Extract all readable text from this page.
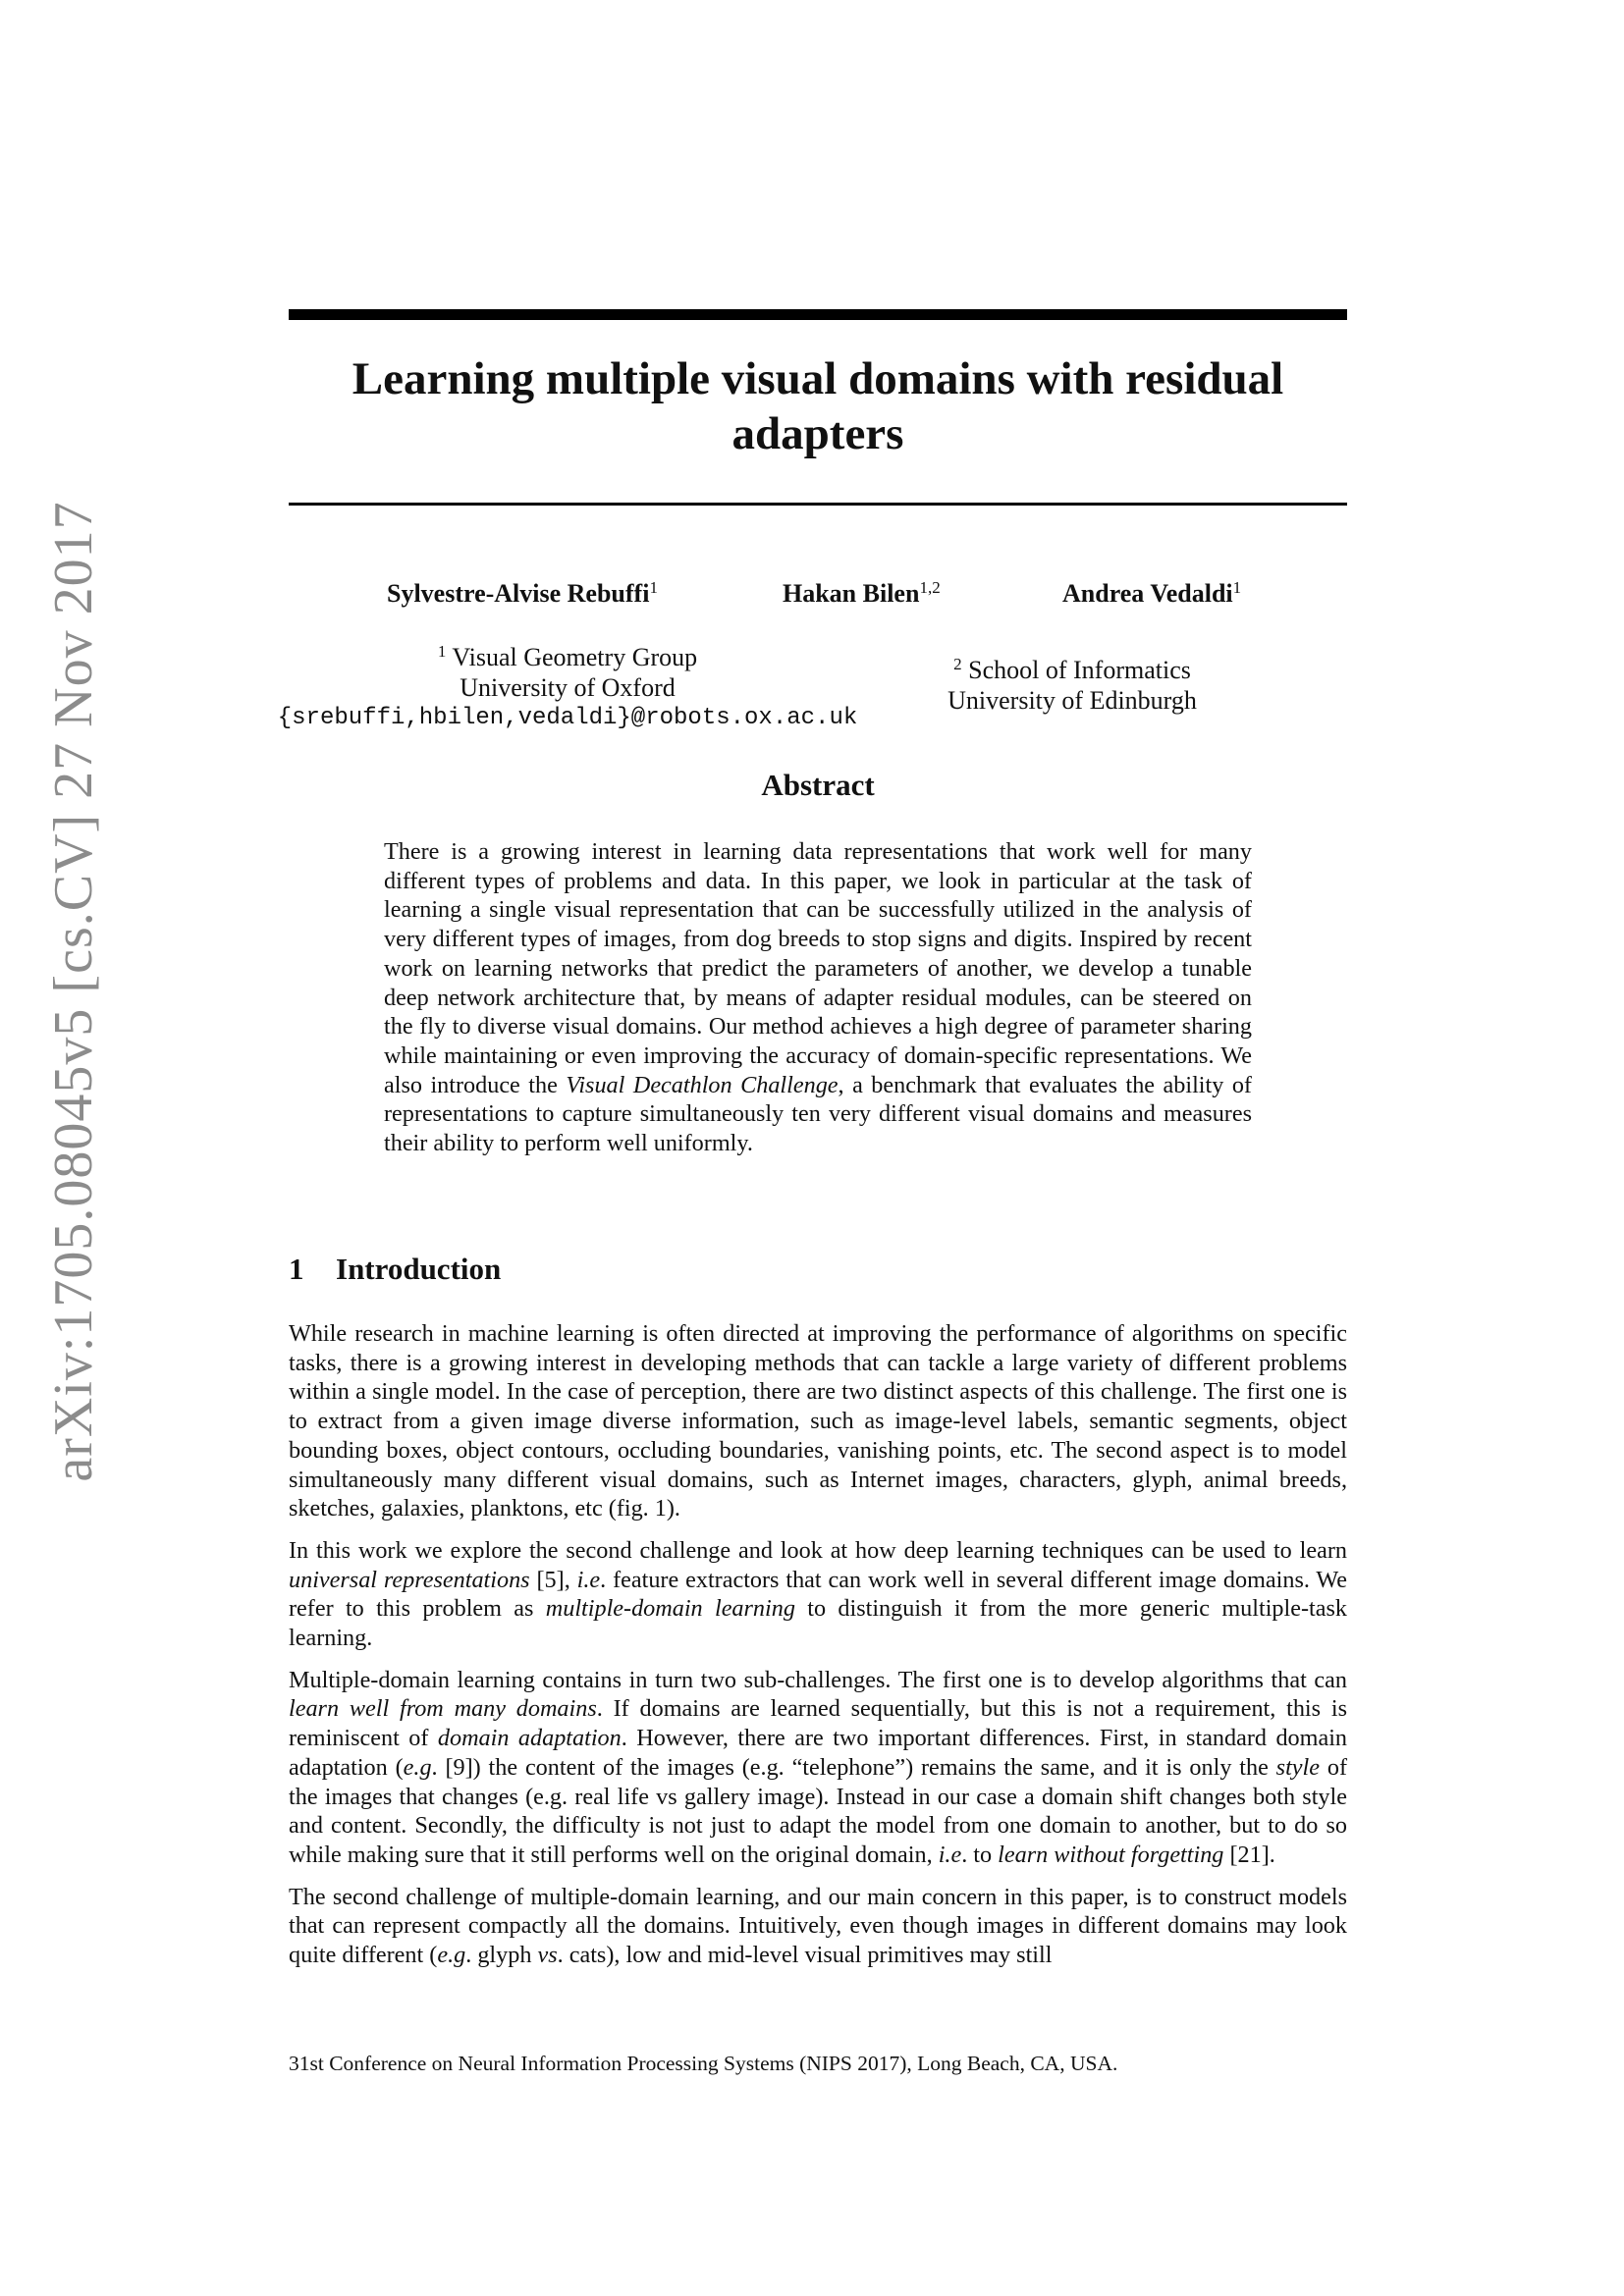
arXiv:1705.08045v5 [cs.CV] 27 Nov 2017
Learning multiple visual domains with residual adapters
Sylvestre-Alvise Rebuffi$^1$	Hakan Bilen$^{1,2}$	Andrea Vedaldi$^1$
$^1$ Visual Geometry Group
University of Oxford
{srebuffi,hbilen,vedaldi}@robots.ox.ac.uk
$^2$ School of Informatics
University of Edinburgh
Abstract
There is a growing interest in learning data representations that work well for many different types of problems and data. In this paper, we look in particular at the task of learning a single visual representation that can be successfully utilized in the analysis of very different types of images, from dog breeds to stop signs and digits. Inspired by recent work on learning networks that predict the parameters of another, we develop a tunable deep network architecture that, by means of adapter residual modules, can be steered on the fly to diverse visual domains. Our method achieves a high degree of parameter sharing while maintaining or even improving the accuracy of domain-specific representations. We also introduce the Visual Decathlon Challenge, a benchmark that evaluates the ability of representations to capture simultaneously ten very different visual domains and measures their ability to perform well uniformly.
1 Introduction

While research in machine learning is often directed at improving the performance of algorithms on specific tasks, there is a growing interest in developing methods that can tackle a large variety of different problems within a single model. In the case of perception, there are two distinct aspects of this challenge. The first one is to extract from a given image diverse information, such as image-level labels, semantic segments, object bounding boxes, object contours, occluding boundaries, vanishing points, etc. The second aspect is to model simultaneously many different visual domains, such as Internet images, characters, glyph, animal breeds, sketches, galaxies, planktons, etc (fig. 1).

In this work we explore the second challenge and look at how deep learning techniques can be used to learn universal representations [5], i.e. feature extractors that can work well in several different image domains. We refer to this problem as multiple-domain learning to distinguish it from the more generic multiple-task learning.

Multiple-domain learning contains in turn two sub-challenges. The first one is to develop algorithms that can learn well from many domains. If domains are learned sequentially, but this is not a requirement, this is reminiscent of domain adaptation. However, there are two important differences. First, in standard domain adaptation (e.g. [9]) the content of the images (e.g. “telephone”) remains the same, and it is only the style of the images that changes (e.g. real life vs gallery image). Instead in our case a domain shift changes both style and content. Secondly, the difficulty is not just to adapt the model from one domain to another, but to do so while making sure that it still performs well on the original domain, i.e. to learn without forgetting [21].

The second challenge of multiple-domain learning, and our main concern in this paper, is to construct models that can represent compactly all the domains. Intuitively, even though images in different domains may look quite different (e.g. glyph vs. cats), low and mid-level visual primitives may still

31st Conference on Neural Information Processing Systems (NIPS 2017), Long Beach, CA, USA.
